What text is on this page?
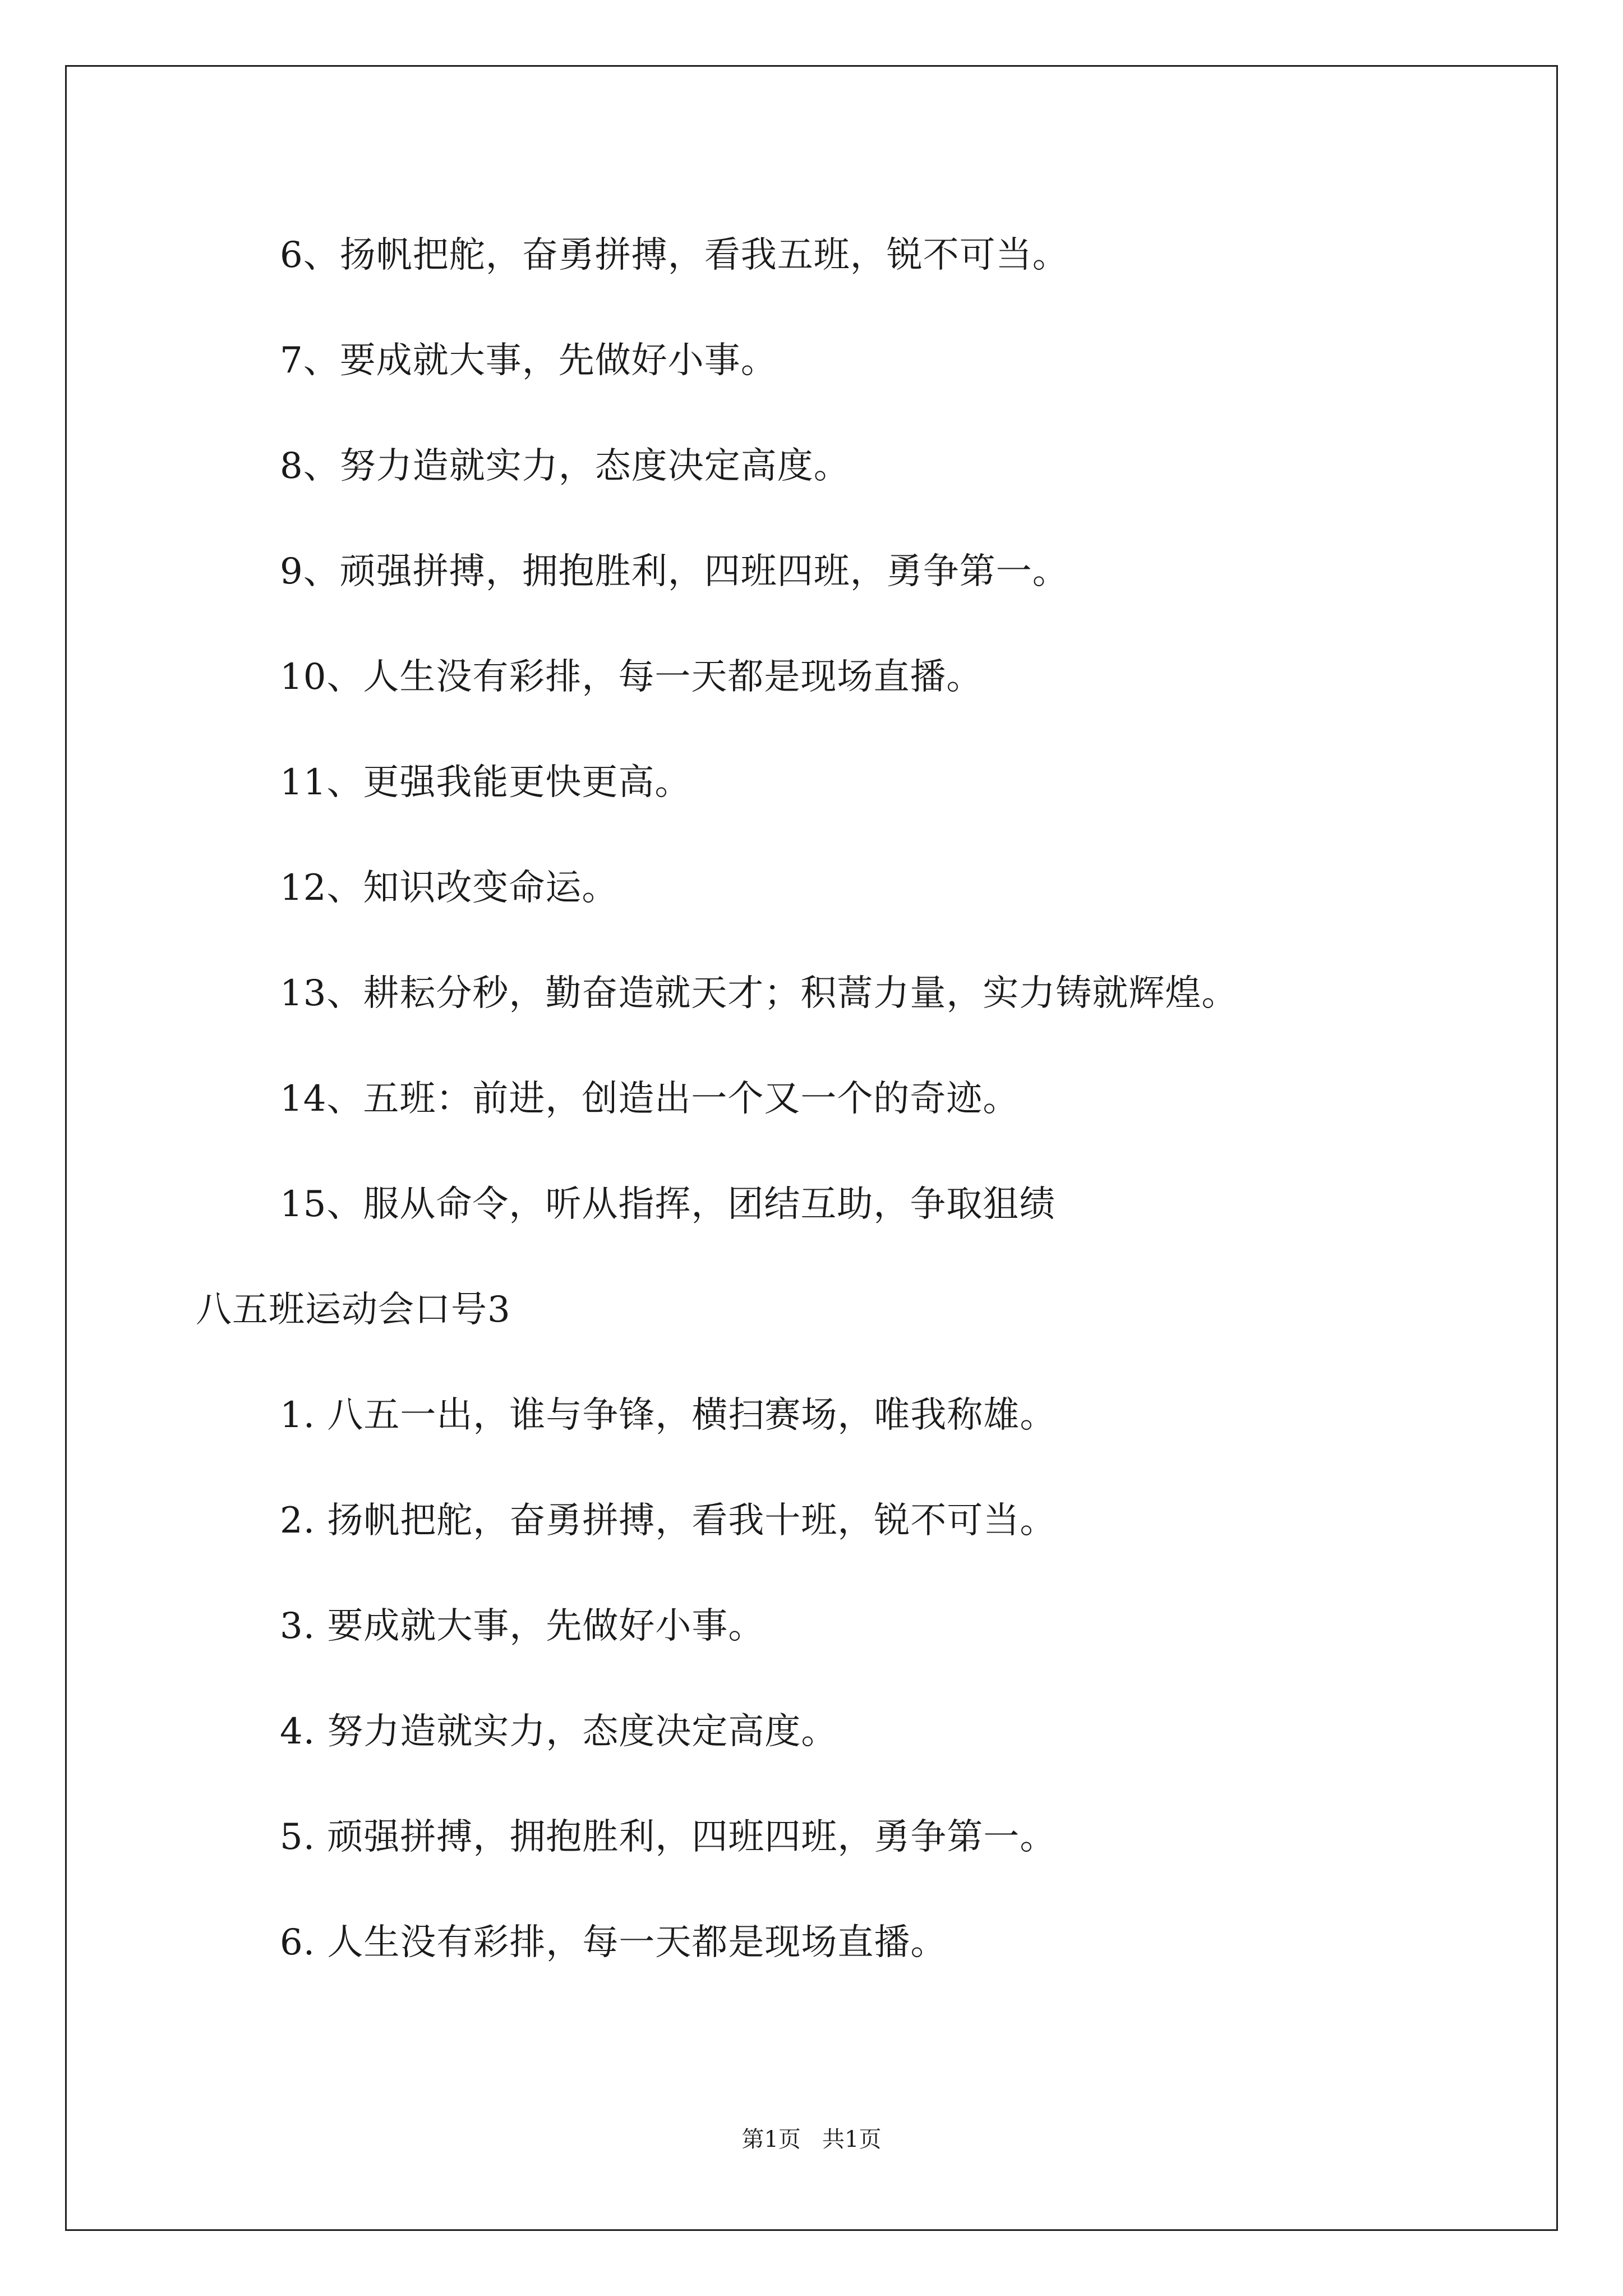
6、扬帆把舵，奋勇拼搏，看我五班，锐不可当。
7、要成就大事，先做好小事。
8、努力造就实力，态度决定高度。
9、顽强拼搏，拥抱胜利，四班四班，勇争第一。
10、人生没有彩排，每一天都是现场直播。
11、更强我能更快更高。
12、知识改变命运。
13、耕耘分秒，勤奋造就天才；积蒿力量，实力铸就辉煌。
14、五班：前进，创造出一个又一个的奇迹。
15、服从命令，听从指挥，团结互助，争取狙绩
八五班运动会口号3
1. 八五一出，谁与争锋，横扫赛场，唯我称雄。
2. 扬帆把舵，奋勇拼搏，看我十班，锐不可当。
3. 要成就大事，先做好小事。
4. 努力造就实力，态度决定高度。
5. 顽强拼搏，拥抱胜利，四班四班，勇争第一。
6. 人生没有彩排，每一天都是现场直播。
第1页   共1页
